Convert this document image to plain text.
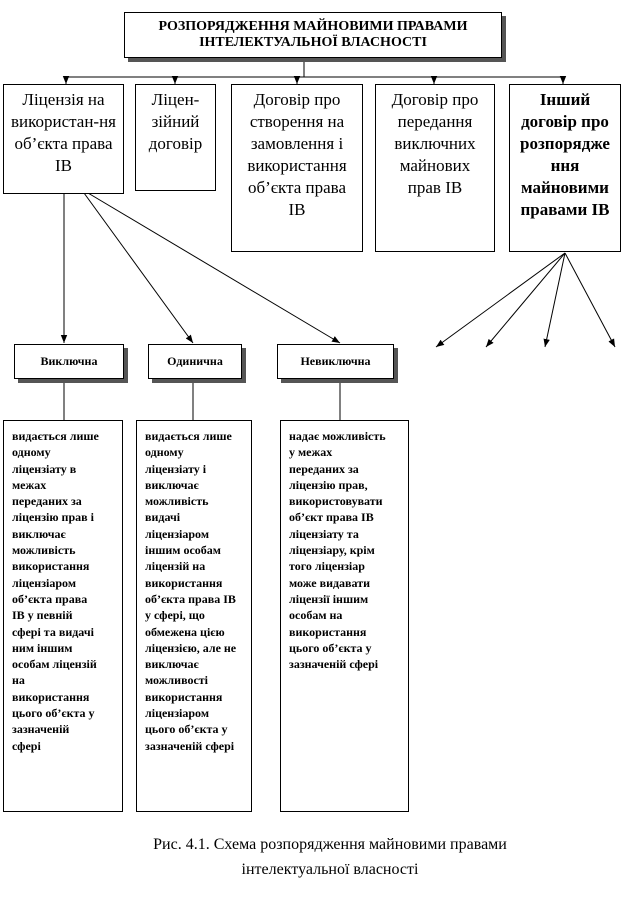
РОЗПОРЯДЖЕННЯ МАЙНОВИМИ ПРАВАМИ ІНТЕЛЕКТУАЛЬНОЇ ВЛАСНОСТІ
Ліцензія на використан-ня об’єкта права ІВ
Ліцен-зійний договір
Договір про створення на замовлення і використання об’єкта права ІВ
Договір про передання виключних майнових прав ІВ
Інший договір про розпорядже ння майновими правами ІВ
Виключна	Одинична	Невиключна
видається лише
одному
ліцензіату в
межах
переданих за
ліцензію прав і
виключає
можливість
використання
ліцензіаром
об’єкта права
ІВ у певній
сфері та видачі
ним іншим
особам ліцензій
на
використання
цього об’єкта у
зазначеній
сфері
видається лише
одному
ліцензіату і
виключає
можливість
видачі
ліцензіаром
іншим особам
ліцензій на
використання
об’єкта права ІВ
у сфері, що
обмежена цією
ліцензією, але не
виключає
можливості
використання
ліцензіаром
цього об’єкта у
зазначеній сфері
надає можливість
у межах
переданих за
ліцензію прав,
використовувати
об’єкт права ІВ
ліцензіату та
ліцензіару, крім
того ліцензіар
може видавати
ліцензії іншим
особам на
використання
цього об’єкта у
зазначеній сфері
Рис. 4.1. Схема розпорядження майновими правами
інтелектуальної власності
